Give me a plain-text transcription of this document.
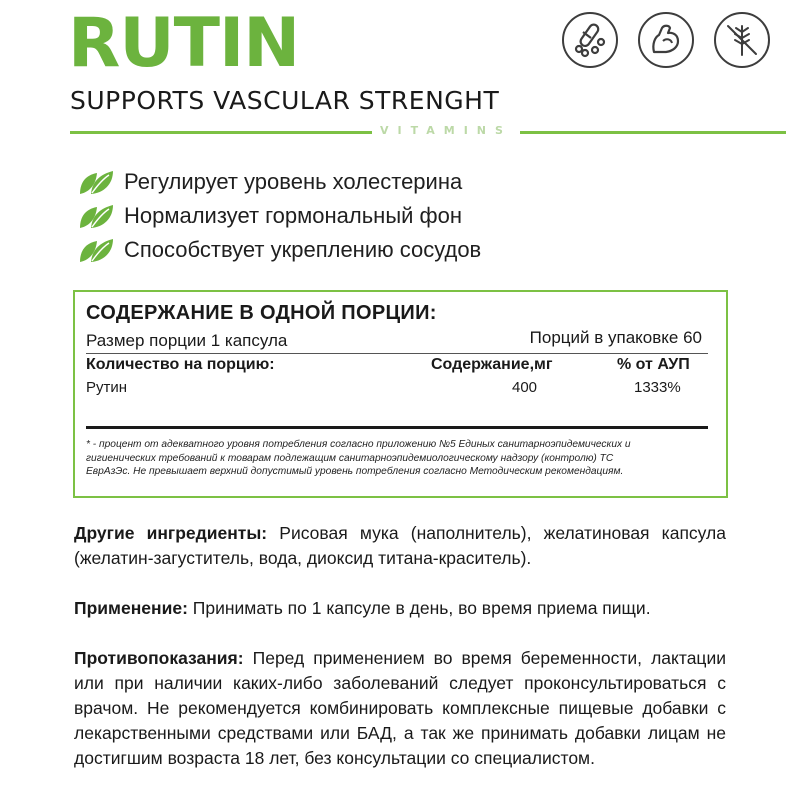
RUTIN
SUPPORTS VASCULAR STRENGHT
VITAMINS
Регулирует уровень холестерина
Нормализует гормональный фон
Способствует укреплению сосудов
СОДЕРЖАНИЕ В ОДНОЙ ПОРЦИИ:
Размер порции 1 капсула	Порций в упаковке 60
Количество на порцию:	Содержание,мг	% от АУП
Рутин	400	1333%
* - процент от адекватного уровня потребления согласно приложению №5 Единых санитарноэпидемических и гигиенических требований к товарам подлежащим санитарноэпидемиологическому надзору (контролю) ТС ЕврАзЭс. Не превышает верхний допустимый уровень потребления согласно Методическим рекомендациям.

Другие ингредиенты: Рисовая мука (наполнитель), желатиновая капсула (желатин-загуститель, вода, диоксид титана-краситель).

Применение: Принимать по 1 капсуле в день, во время приема пищи.

Противопоказания: Перед применением во время беременности, лактации или при наличии каких-либо заболеваний следует проконсультироваться с врачом. Не рекомендуется комбинировать комплексные пищевые добавки с лекарственными средствами или БАД, а так же принимать добавки лицам не достигшим возраста 18 лет, без консультации со специалистом.
